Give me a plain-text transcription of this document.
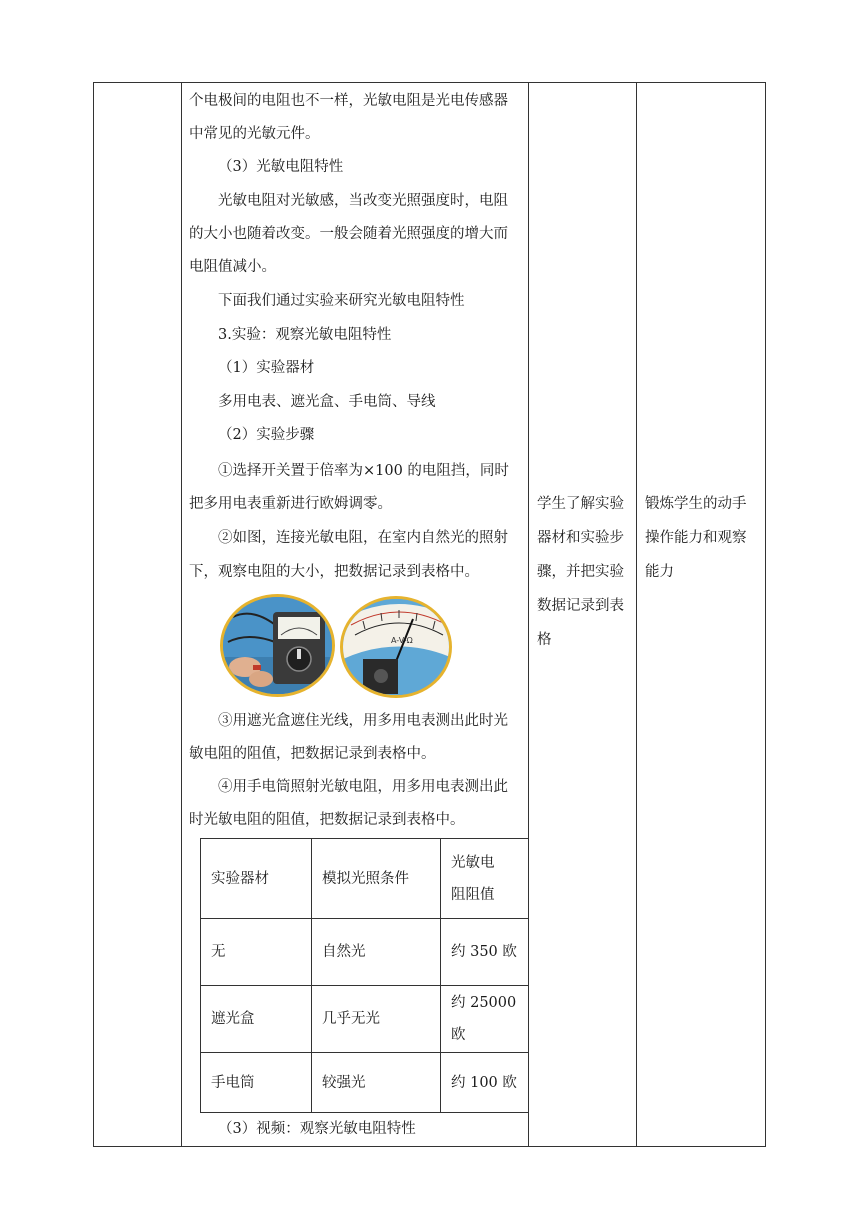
个电极间的电阻也不一样，光敏电阻是光电传感器
中常见的光敏元件。
（3）光敏电阻特性
光敏电阻对光敏感，当改变光照强度时，电阻
的大小也随着改变。一般会随着光照强度的增大而
电阻值减小。
下面我们通过实验来研究光敏电阻特性
3.实验：观察光敏电阻特性
（1）实验器材
多用电表、遮光盒、手电筒、导线
（2）实验步骤
①选择开关置于倍率为×100 的电阻挡，同时
把多用电表重新进行欧姆调零。
②如图，连接光敏电阻，在室内自然光的照射
下，观察电阻的大小，把数据记录到表格中。
A-V-Ω
③用遮光盒遮住光线，用多用电表测出此时光
敏电阻的阻值，把数据记录到表格中。
④用手电筒照射光敏电阻，用多用电表测出此
时光敏电阻的阻值，把数据记录到表格中。
实验器材	模拟光照条件	光敏电阻阻值
无	自然光	约 350 欧
遮光盒	几乎无光	约 25000 欧
手电筒	较强光	约 100 欧
（3）视频：观察光敏电阻特性
学生了解实验
器材和实验步
骤，并把实验
数据记录到表
格
锻炼学生的动手
操作能力和观察
能力
